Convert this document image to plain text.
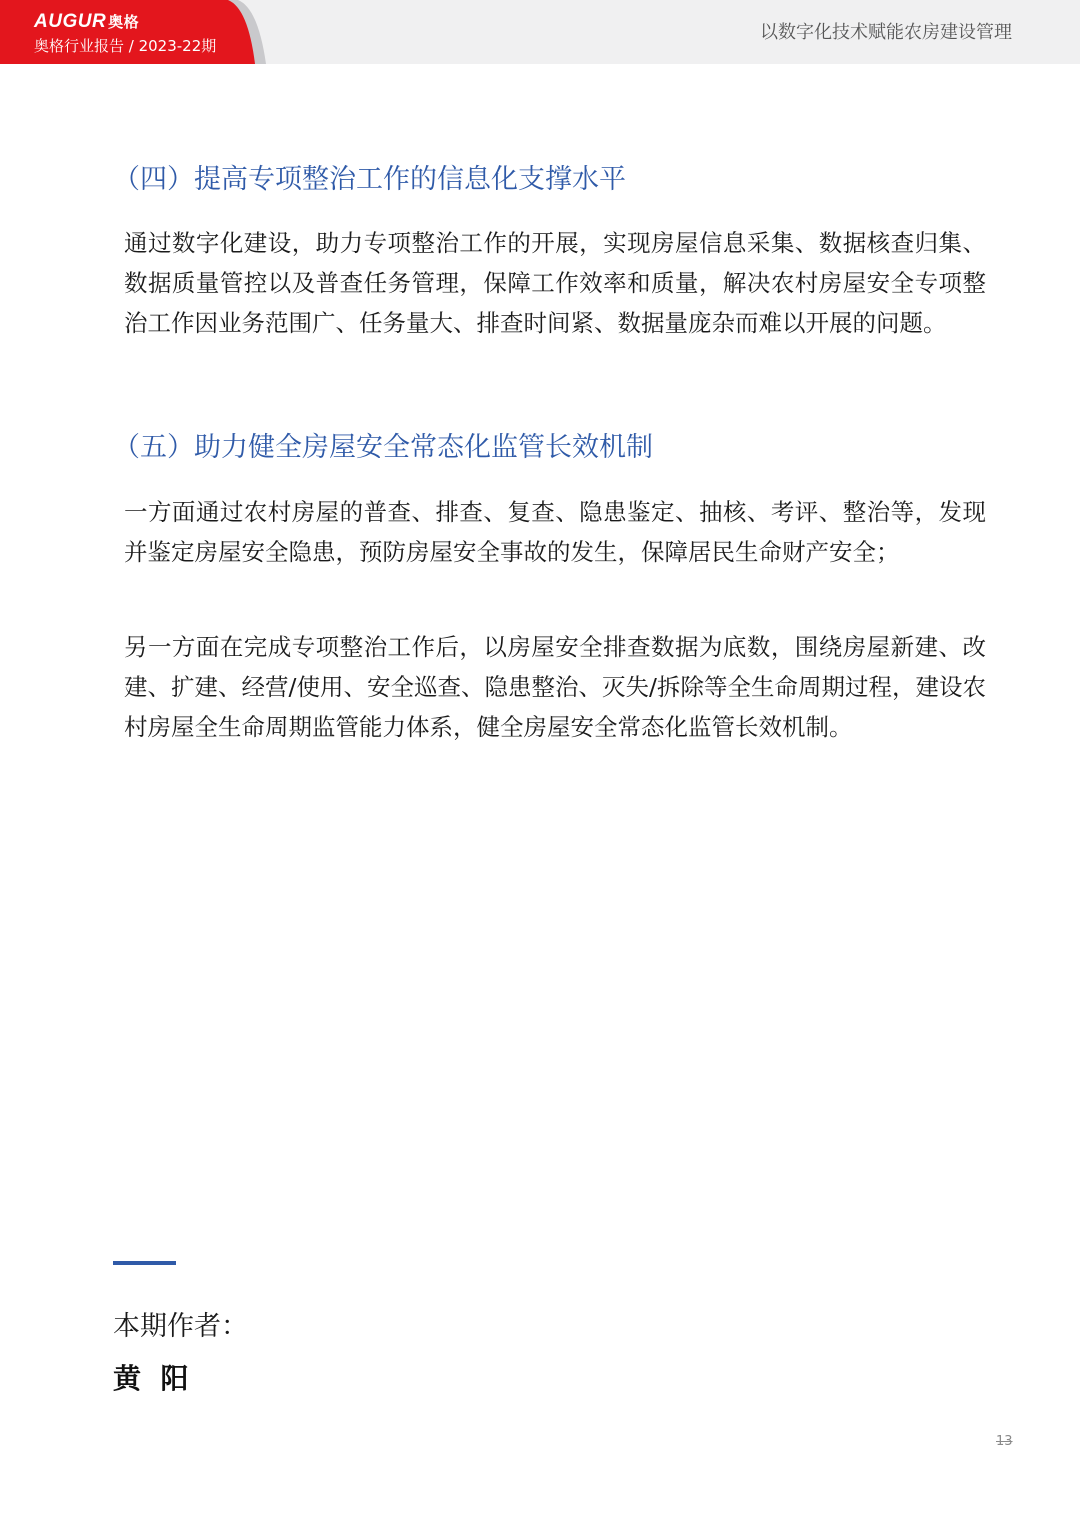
AUGUR 奥格
奥格行业报告 / 2023-22期
以数字化技术赋能农房建设管理
（四）提高专项整治工作的信息化支撑水平

通过数字化建设，助力专项整治工作的开展，实现房屋信息采集、数据核查归集、数据质量管控以及普查任务管理，保障工作效率和质量，解决农村房屋安全专项整治工作因业务范围广、任务量大、排查时间紧、数据量庞杂而难以开展的问题。

（五）助力健全房屋安全常态化监管长效机制

一方面通过农村房屋的普查、排查、复查、隐患鉴定、抽核、考评、整治等，发现并鉴定房屋安全隐患，预防房屋安全事故的发生，保障居民生命财产安全；

另一方面在完成专项整治工作后，以房屋安全排查数据为底数，围绕房屋新建、改建、扩建、经营/使用、安全巡查、隐患整治、灭失/拆除等全生命周期过程，建设农村房屋全生命周期监管能力体系，健全房屋安全常态化监管长效机制。

本期作者：
黄  阳
13
